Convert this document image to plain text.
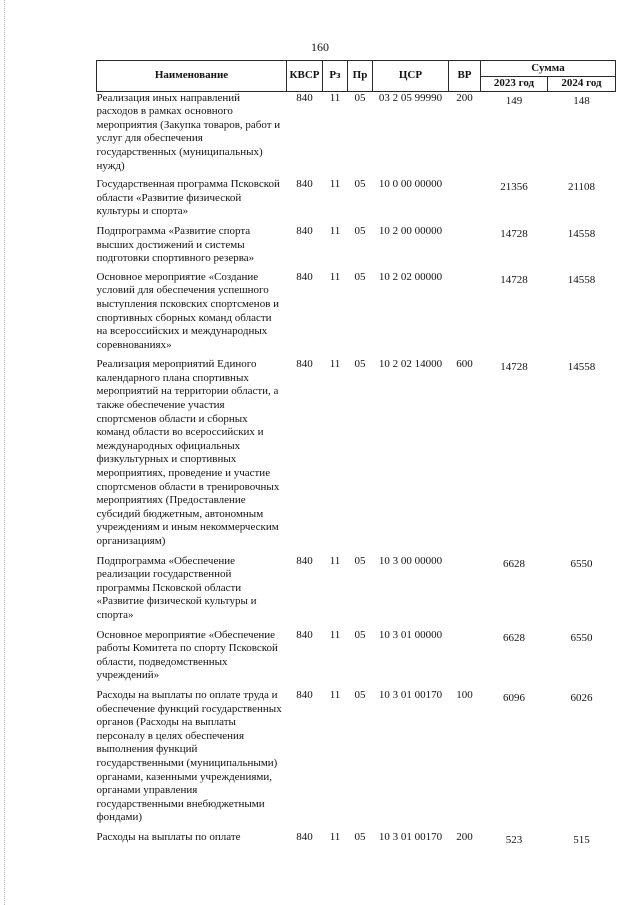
160
Наименование	КВСР	Рз	Пр	ЦСР	ВР	Сумма	
						2023 год	2024 год
Реализация иных направлений расходов в рамках основного мероприятия (Закупка товаров, работ и услуг для обеспечения государственных (муниципальных) нужд)	840	11	05	03 2 05 99990	200	149	148
Государственная программа Псковской области «Развитие физической культуры и спорта»	840	11	05	10 0 00 00000		21356	21108
Подпрограмма «Развитие спорта высших достижений и системы подготовки спортивного резерва»	840	11	05	10 2 00 00000		14728	14558
Основное мероприятие «Создание условий для обеспечения успешного выступления псковских спортсменов и спортивных сборных команд области на всероссийских и международных соревнованиях»	840	11	05	10 2 02 00000		14728	14558
Реализация мероприятий Единого календарного плана спортивных мероприятий на территории области, а также обеспечение участия спортсменов области и сборных команд области во всероссийских и международных официальных физкультурных и спортивных мероприятиях, проведение и участие спортсменов области в тренировочных мероприятиях (Предоставление субсидий бюджетным, автономным учреждениям и иным некоммерческим организациям)	840	11	05	10 2 02 14000	600	14728	14558
Подпрограмма «Обеспечение реализации государственной программы Псковской области «Развитие физической культуры и спорта»	840	11	05	10 3 00 00000		6628	6550
Основное мероприятие «Обеспечение работы Комитета по спорту Псковской области, подведомственных учреждений»	840	11	05	10 3 01 00000		6628	6550
Расходы на выплаты по оплате труда и обеспечение функций государственных органов (Расходы на выплаты персоналу в целях обеспечения выполнения функций государственными (муниципальными) органами, казенными учреждениями, органами управления государственными внебюджетными фондами)	840	11	05	10 3 01 00170	100	6096	6026
Расходы на выплаты по оплате	840	11	05	10 3 01 00170	200	523	515
